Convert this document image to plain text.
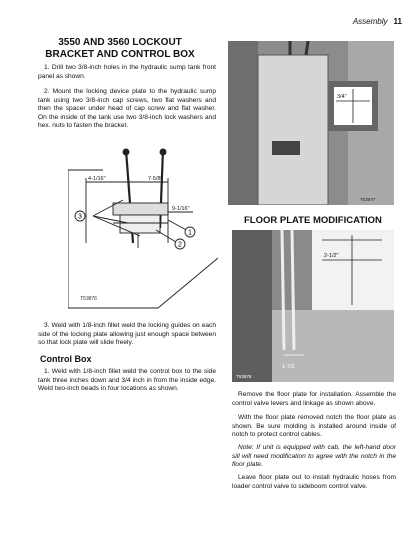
Assembly 11
3550 AND 3560 LOCKOUT
BRACKET AND CONTROL BOX
1. Drill two 3/8-inch holes in the hydraulic sump tank front panel as shown.
2. Mount the locking device plate to the hydraulic sump tank using two 3/8-inch cap screws, two flat washers and then the spacer under head of cap screw and flat washer. On the inside of the tank use two 3/8-inch lock washers and hex. nuts to fasten the bracket.
4-1/16"	7-5/8"
9-1/16"
3
1
2
T53876
3. Weld with 1/8-inch fillet weld the locking guides on each side of the locking plate allowing just enough space between so that lock plate will slide freely.
Control Box
1. Weld with 1/8-inch fillet weld the control box to the side tank three inches down and 3/4 inch in from the inside edge. Weld two-inch beads in four locations as shown.
3/4"
T53877
FLOOR PLATE MODIFICATION
2-1/2"
1-7/2
T53878
Remove the floor plate for installation. Assemble the control valve levers and linkage as shown above.
With the floor plate removed notch the floor plate as shown. Be sure molding is installed around inside of notch to protect control cables.
Note: If unit is equipped with cab, the left-hand door sill will need modification to agree with the notch in the floor plate.
Leave floor plate out to install hydraulic hoses from loader control valve to sideboom control valve.
